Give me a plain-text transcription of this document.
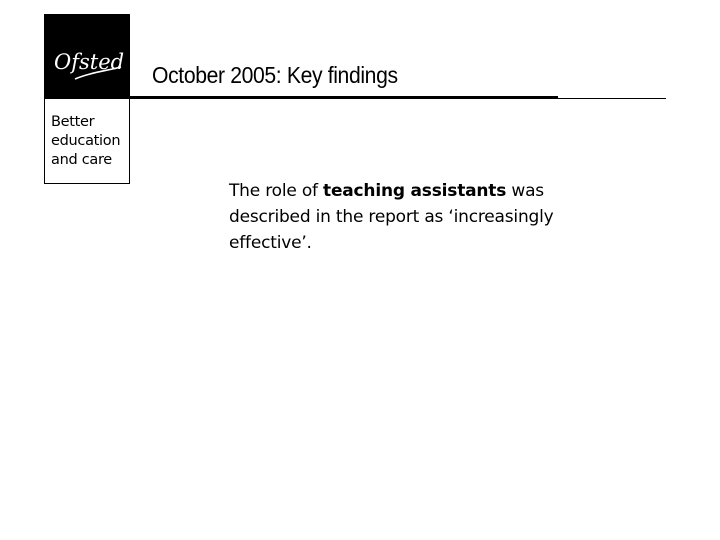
Ofsted
Better
education
and care
October 2005: Key findings
The role of teaching assistants was described in the report as ‘increasingly effective’.
